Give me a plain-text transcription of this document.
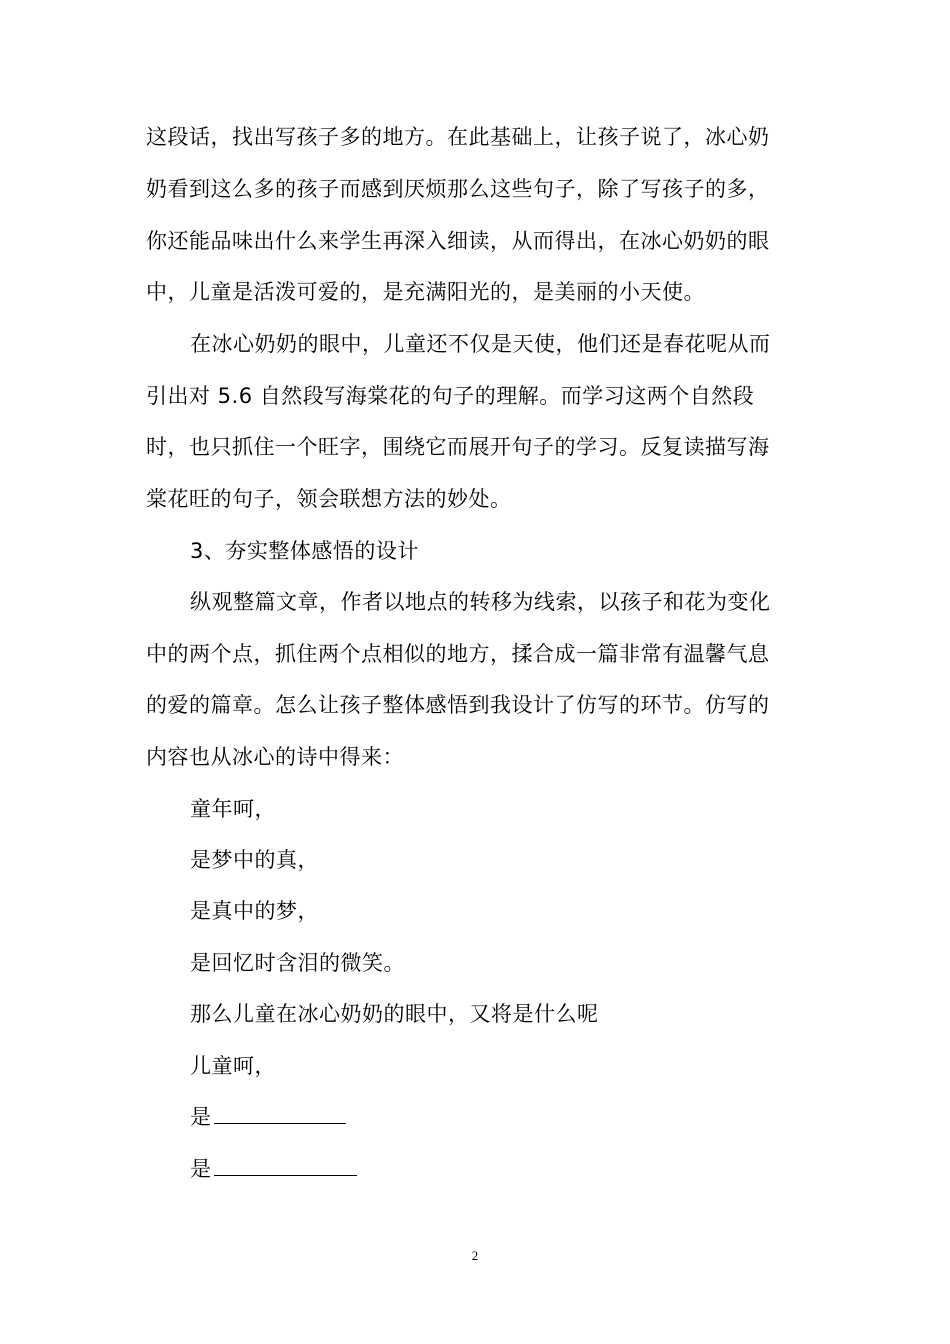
这段话，找出写孩子多的地方。在此基础上，让孩子说了，冰心奶
奶看到这么多的孩子而感到厌烦那么这些句子，除了写孩子的多，
你还能品味出什么来学生再深入细读，从而得出，在冰心奶奶的眼
中，儿童是活泼可爱的，是充满阳光的，是美丽的小天使。
在冰心奶奶的眼中，儿童还不仅是天使，他们还是春花呢从而
引出对 5.6 自然段写海棠花的句子的理解。而学习这两个自然段
时，也只抓住一个旺字，围绕它而展开句子的学习。反复读描写海
棠花旺的句子，领会联想方法的妙处。
3、夯实整体感悟的设计
纵观整篇文章，作者以地点的转移为线索，以孩子和花为变化
中的两个点，抓住两个点相似的地方，揉合成一篇非常有温馨气息
的爱的篇章。怎么让孩子整体感悟到我设计了仿写的环节。仿写的
内容也从冰心的诗中得来：
童年呵，
是梦中的真，
是真中的梦，
是回忆时含泪的微笑。
那么儿童在冰心奶奶的眼中，又将是什么呢
儿童呵，
是
是
2
